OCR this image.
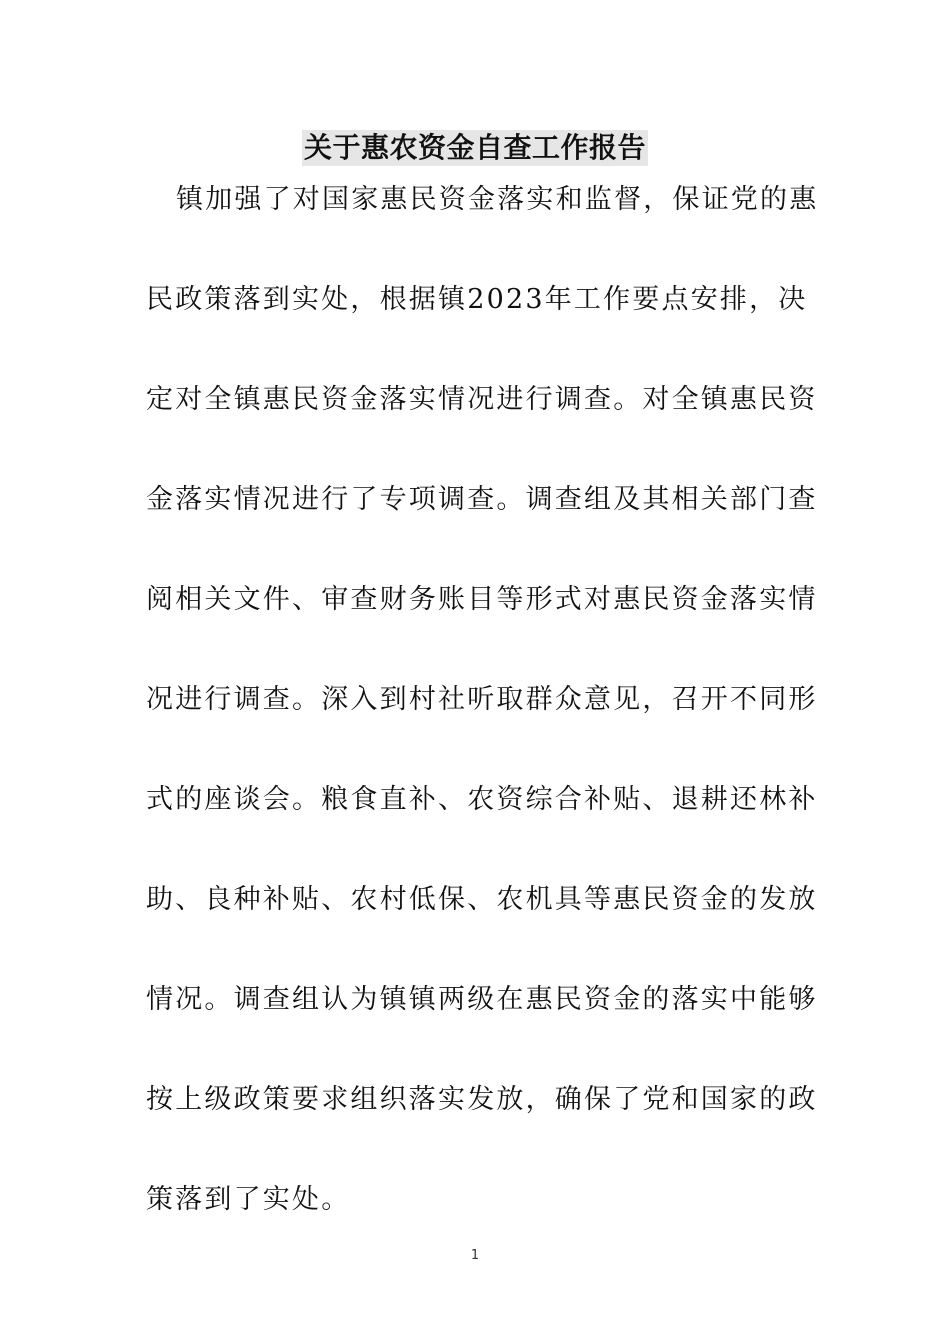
关于惠农资金自查工作报告
镇加强了对国家惠民资金落实和监督，保证党的惠
民政策落到实处，根据镇2023年工作要点安排，决
定对全镇惠民资金落实情况进行调查。对全镇惠民资
金落实情况进行了专项调查。调查组及其相关部门查
阅相关文件、审查财务账目等形式对惠民资金落实情
况进行调查。深入到村社听取群众意见，召开不同形
式的座谈会。粮食直补、农资综合补贴、退耕还林补
助、良种补贴、农村低保、农机具等惠民资金的发放
情况。调查组认为镇镇两级在惠民资金的落实中能够
按上级政策要求组织落实发放，确保了党和国家的政
策落到了实处。
1
